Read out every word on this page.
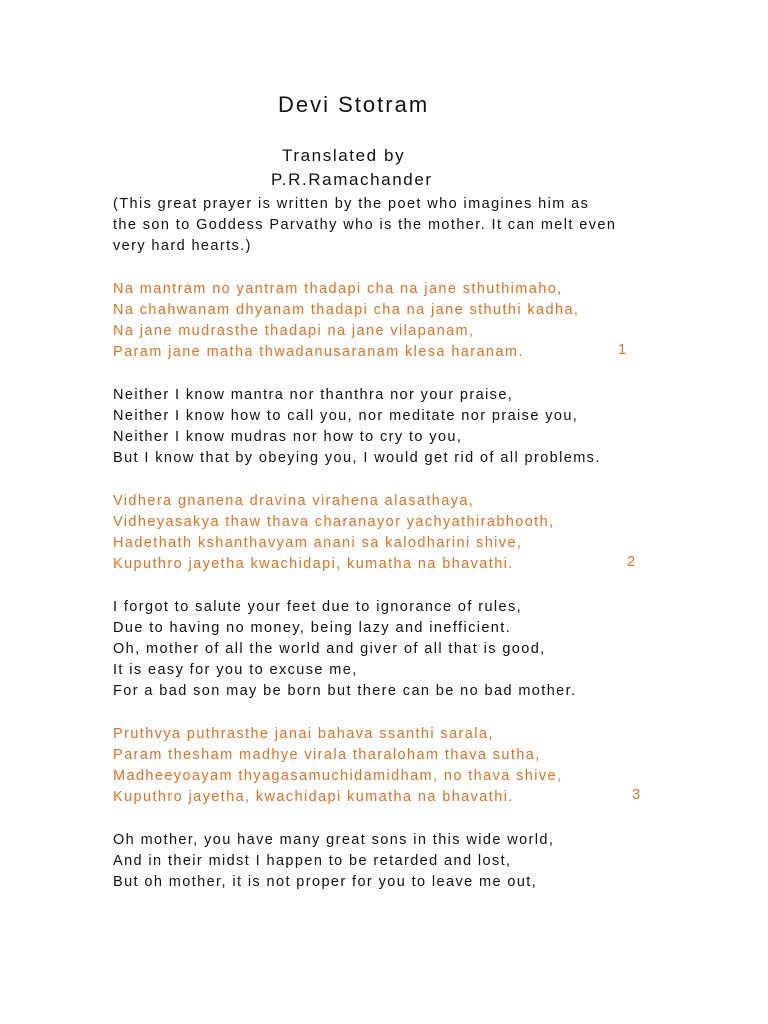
Devi Stotram
Translated by
P.R.Ramachander
(This great prayer is written by the poet who imagines him as
the son to Goddess Parvathy who is the mother. It can melt even
very hard hearts.)
Na mantram no yantram thadapi cha na jane sthuthimaho,
Na chahwanam dhyanam thadapi cha na jane sthuthi kadha,
Na jane mudrasthe thadapi na jane vilapanam,
Param jane matha thwadanusaranam klesa haranam.	1
Neither I know mantra nor thanthra nor your praise,
Neither I know how to call you, nor meditate nor praise you,
Neither I know mudras nor how to cry to you,
But I know that by obeying you, I would get rid of all problems.
Vidhera gnanena dravina virahena alasathaya,
Vidheyasakya thaw thava charanayor yachyathirabhooth,
Hadethath kshanthavyam anani sa kalodharini shive,
Kuputhro jayetha kwachidapi, kumatha na bhavathi.	2
I forgot to salute your feet due to ignorance of rules,
Due to having no money, being lazy and inefficient.
Oh, mother of all the world and giver of all that is good,
It is easy for you to excuse me,
For a bad son may be born but there can be no bad mother.
Pruthvya puthrasthe janai bahava ssanthi sarala,
Param thesham madhye virala tharaloham thava sutha,
Madheeyoayam thyagasamuchidamidham, no thava shive,
Kuputhro jayetha, kwachidapi kumatha na bhavathi.	3
Oh mother, you have many great sons in this wide world,
And in their midst I happen to be retarded and lost,
But oh mother, it is not proper for you to leave me out,
